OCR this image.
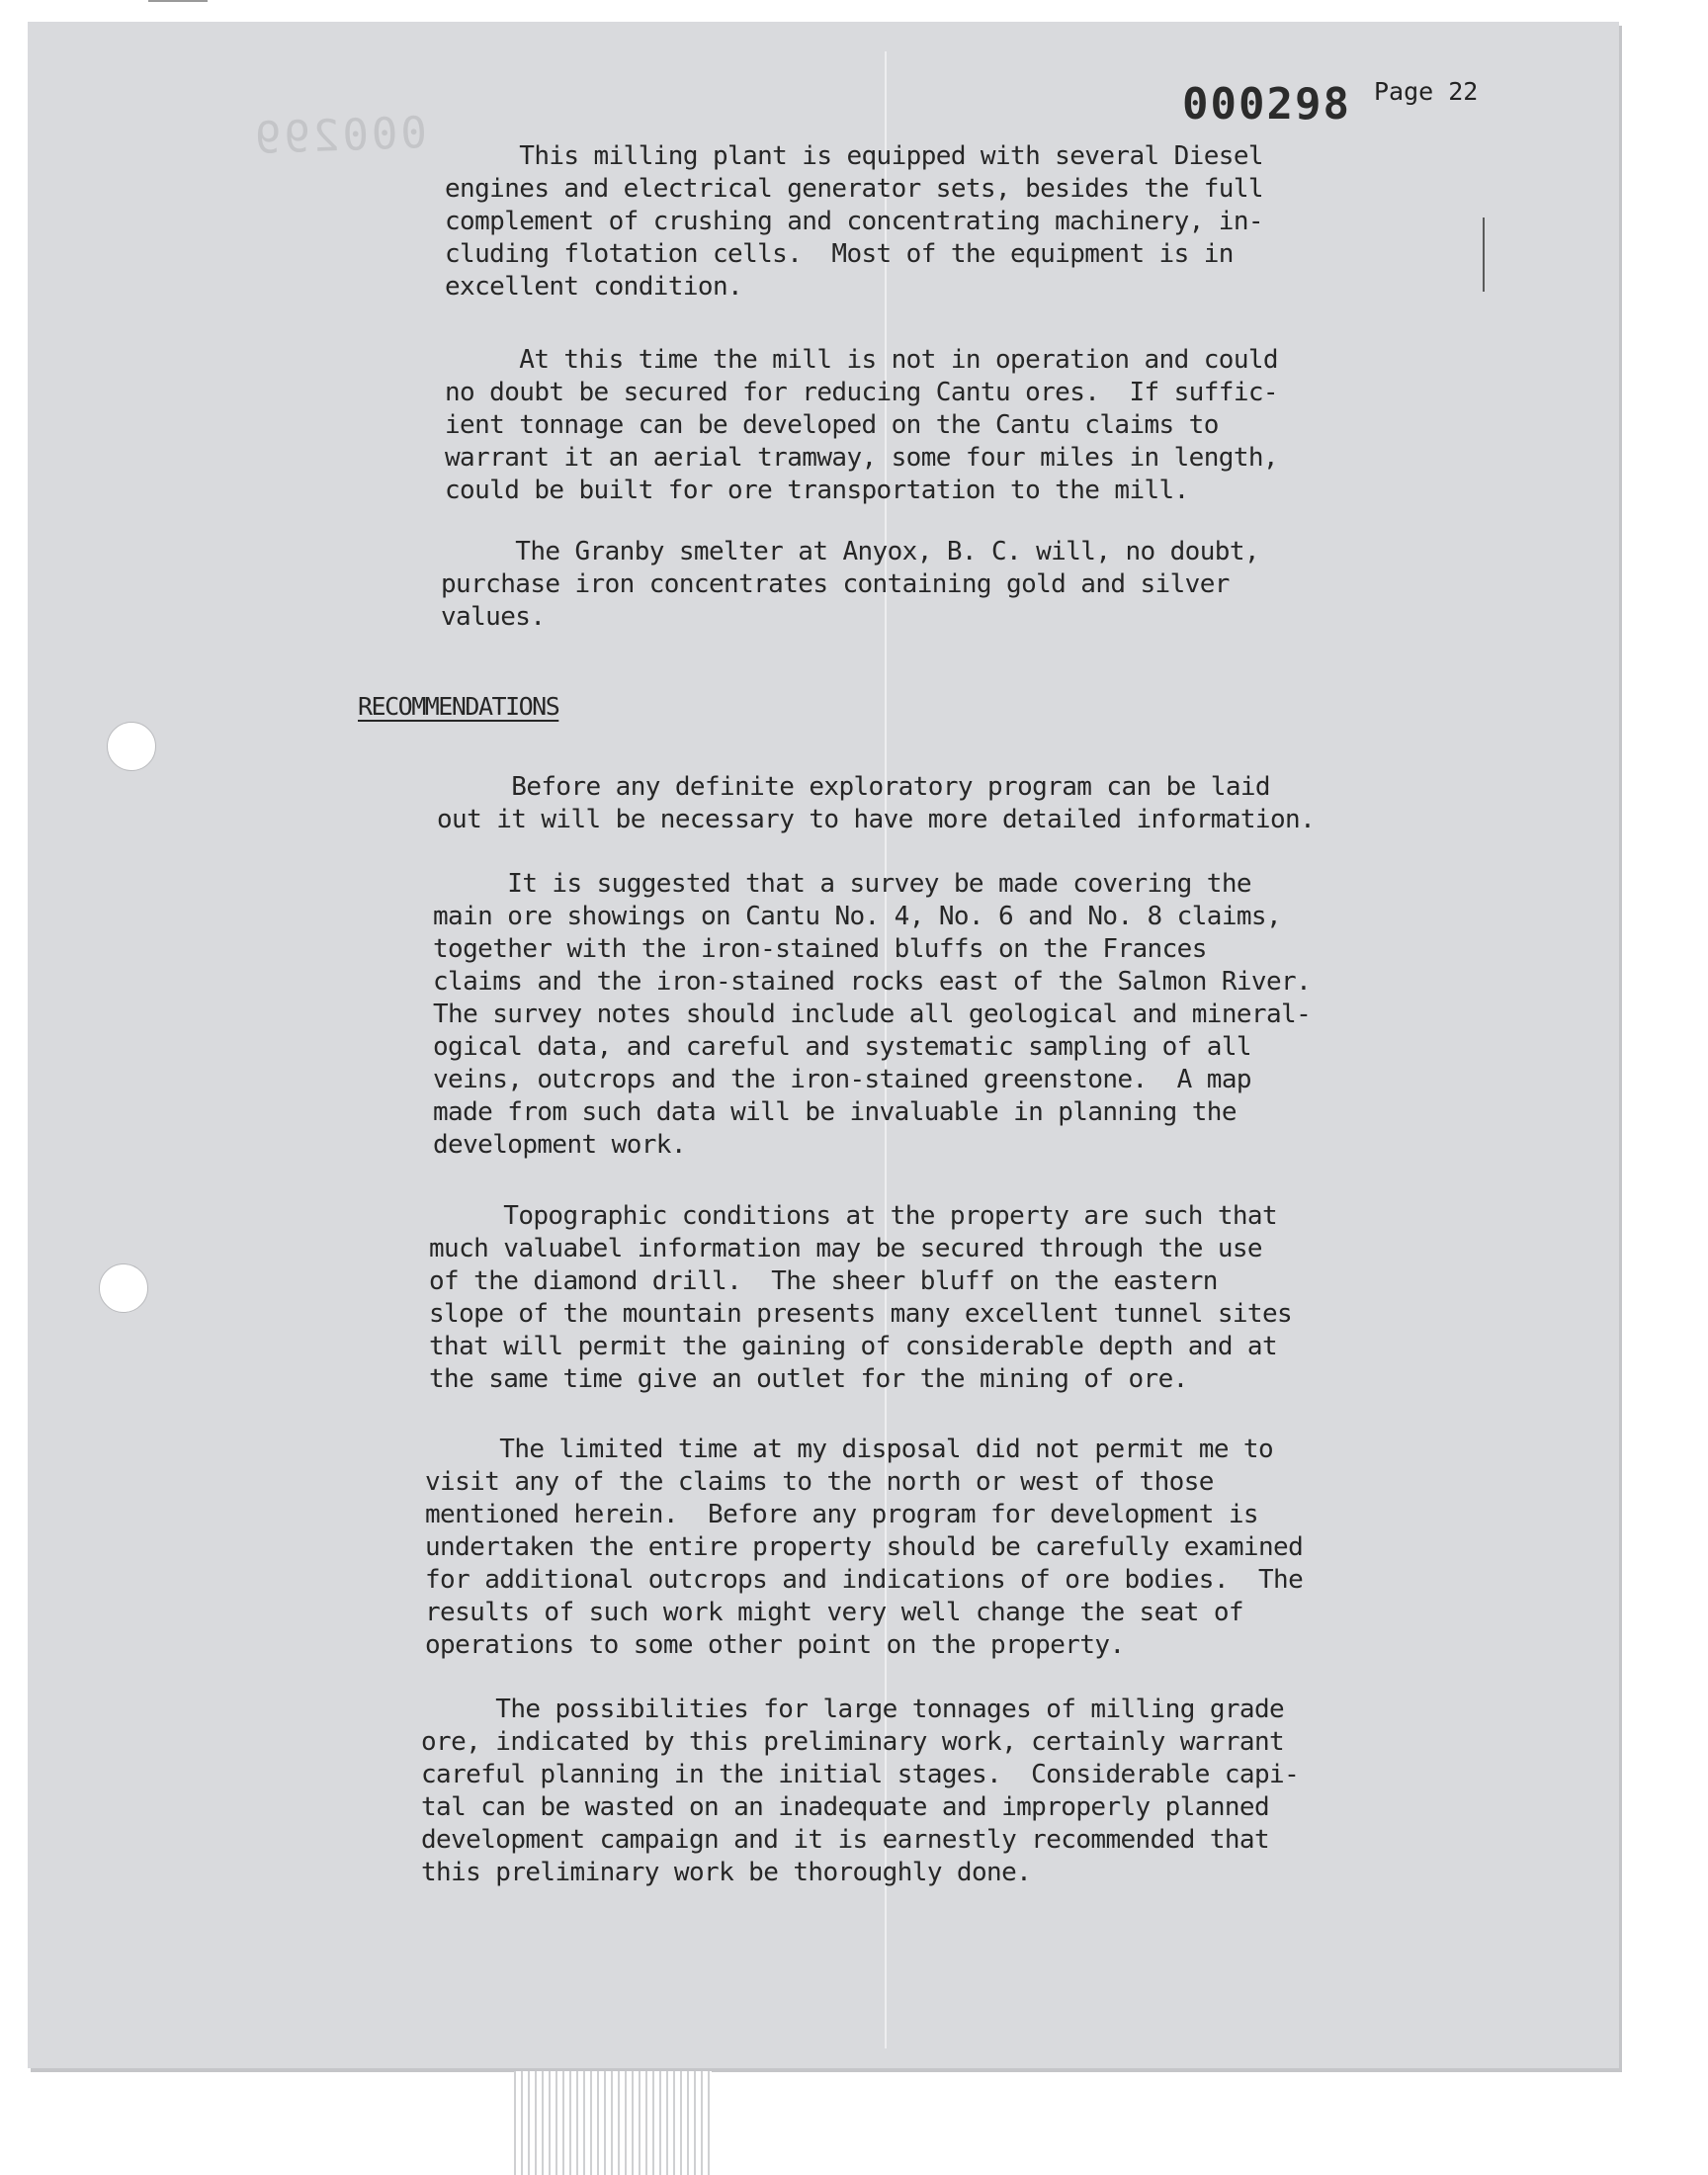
000299
000298 Page 22

This milling plant is equipped with several Diesel
engines and electrical generator sets, besides the full
complement of crushing and concentrating machinery, in-
cluding flotation cells.  Most of the equipment is in
excellent condition.

At this time the mill is not in operation and could
no doubt be secured for reducing Cantu ores.  If suffic-
ient tonnage can be developed on the Cantu claims to
warrant it an aerial tramway, some four miles in length,
could be built for ore transportation to the mill.

The Granby smelter at Anyox, B. C. will, no doubt,
purchase iron concentrates containing gold and silver
values.

RECOMMENDATIONS

Before any definite exploratory program can be laid
out it will be necessary to have more detailed information.

It is suggested that a survey be made covering the
main ore showings on Cantu No. 4, No. 6 and No. 8 claims,
together with the iron-stained bluffs on the Frances
claims and the iron-stained rocks east of the Salmon River.
The survey notes should include all geological and mineral-
ogical data, and careful and systematic sampling of all
veins, outcrops and the iron-stained greenstone.  A map
made from such data will be invaluable in planning the
development work.

Topographic conditions at the property are such that
much valuabel information may be secured through the use
of the diamond drill.  The sheer bluff on the eastern
slope of the mountain presents many excellent tunnel sites
that will permit the gaining of considerable depth and at
the same time give an outlet for the mining of ore.

The limited time at my disposal did not permit me to
visit any of the claims to the north or west of those
mentioned herein.  Before any program for development is
undertaken the entire property should be carefully examined
for additional outcrops and indications of ore bodies.  The
results of such work might very well change the seat of
operations to some other point on the property.

The possibilities for large tonnages of milling grade
ore, indicated by this preliminary work, certainly warrant
careful planning in the initial stages.  Considerable capi-
tal can be wasted on an inadequate and improperly planned
development campaign and it is earnestly recommended that
this preliminary work be thoroughly done.
